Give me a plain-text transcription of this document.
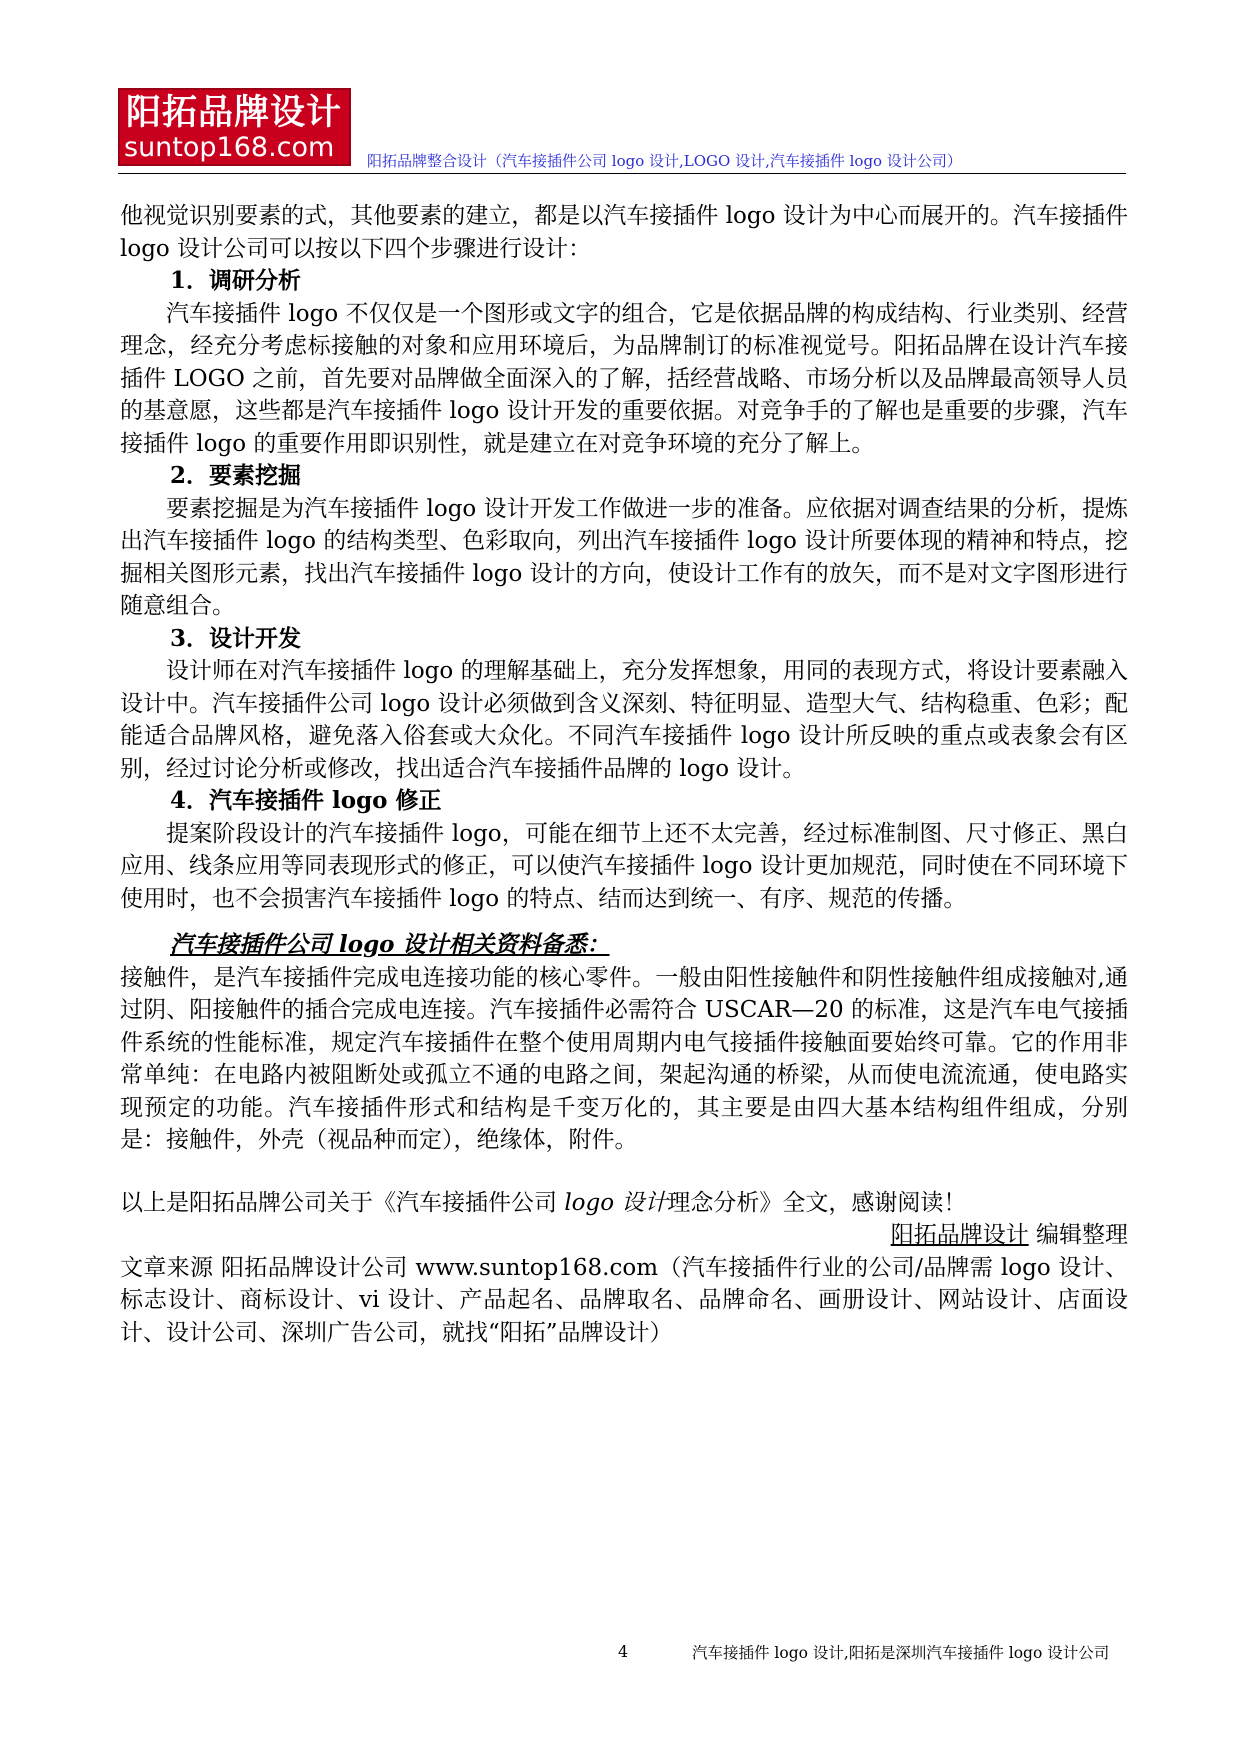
阳拓品牌设计
suntop168.com 阳拓品牌整合设计（汽车接插件公司 logo 设计,LOGO 设计,汽车接插件 logo 设计公司）

他视觉识别要素的式，其他要素的建立，都是以汽车接插件 logo 设计为中心而展开的。汽车接插件 logo 设计公司可以按以下四个步骤进行设计：

1．调研分析

汽车接插件 logo 不仅仅是一个图形或文字的组合，它是依据品牌的构成结构、行业类别、经营理念，经充分考虑标接触的对象和应用环境后，为品牌制订的标准视觉号。阳拓品牌在设计汽车接插件 LOGO 之前，首先要对品牌做全面深入的了解，括经营战略、市场分析以及品牌最高领导人员的基意愿，这些都是汽车接插件 logo 设计开发的重要依据。对竞争手的了解也是重要的步骤，汽车接插件 logo 的重要作用即识别性，就是建立在对竞争环境的充分了解上。

2．要素挖掘

要素挖掘是为汽车接插件 logo 设计开发工作做进一步的准备。应依据对调查结果的分析，提炼出汽车接插件 logo 的结构类型、色彩取向，列出汽车接插件 logo 设计所要体现的精神和特点，挖掘相关图形元素，找出汽车接插件 logo 设计的方向，使设计工作有的放矢，而不是对文字图形进行随意组合。

3．设计开发

设计师在对汽车接插件 logo 的理解基础上，充分发挥想象，用同的表现方式，将设计要素融入设计中。汽车接插件公司 logo 设计必须做到含义深刻、特征明显、造型大气、结构稳重、色彩；配能适合品牌风格，避免落入俗套或大众化。不同汽车接插件 logo 设计所反映的重点或表象会有区别，经过讨论分析或修改，找出适合汽车接插件品牌的 logo 设计。

4．汽车接插件 logo 修正

提案阶段设计的汽车接插件 logo，可能在细节上还不太完善，经过标准制图、尺寸修正、黑白应用、线条应用等同表现形式的修正，可以使汽车接插件 logo 设计更加规范，同时使在不同环境下使用时，也不会损害汽车接插件 logo 的特点、结而达到统一、有序、规范的传播。

汽车接插件公司 logo 设计相关资料备悉：

接触件，是汽车接插件完成电连接功能的核心零件。一般由阳性接触件和阴性接触件组成接触对,通过阴、阳接触件的插合完成电连接。汽车接插件必需符合 USCAR—20 的标准，这是汽车电气接插件系统的性能标准，规定汽车接插件在整个使用周期内电气接插件接触面要始终可靠。它的作用非常单纯：在电路内被阻断处或孤立不通的电路之间，架起沟通的桥梁，从而使电流流通，使电路实现预定的功能。汽车接插件形式和结构是千变万化的，其主要是由四大基本结构组件组成，分别是：接触件，外壳（视品种而定），绝缘体，附件。

以上是阳拓品牌公司关于《汽车接插件公司 logo 设计理念分析》全文，感谢阅读！

阳拓品牌设计 编辑整理

文章来源 阳拓品牌设计公司 www.suntop168.com（汽车接插件行业的公司/品牌需 logo 设计、标志设计、商标设计、vi 设计、产品起名、品牌取名、品牌命名、画册设计、网站设计、店面设计、设计公司、深圳广告公司，就找“阳拓”品牌设计）

4	汽车接插件 logo 设计,阳拓是深圳汽车接插件 logo 设计公司
